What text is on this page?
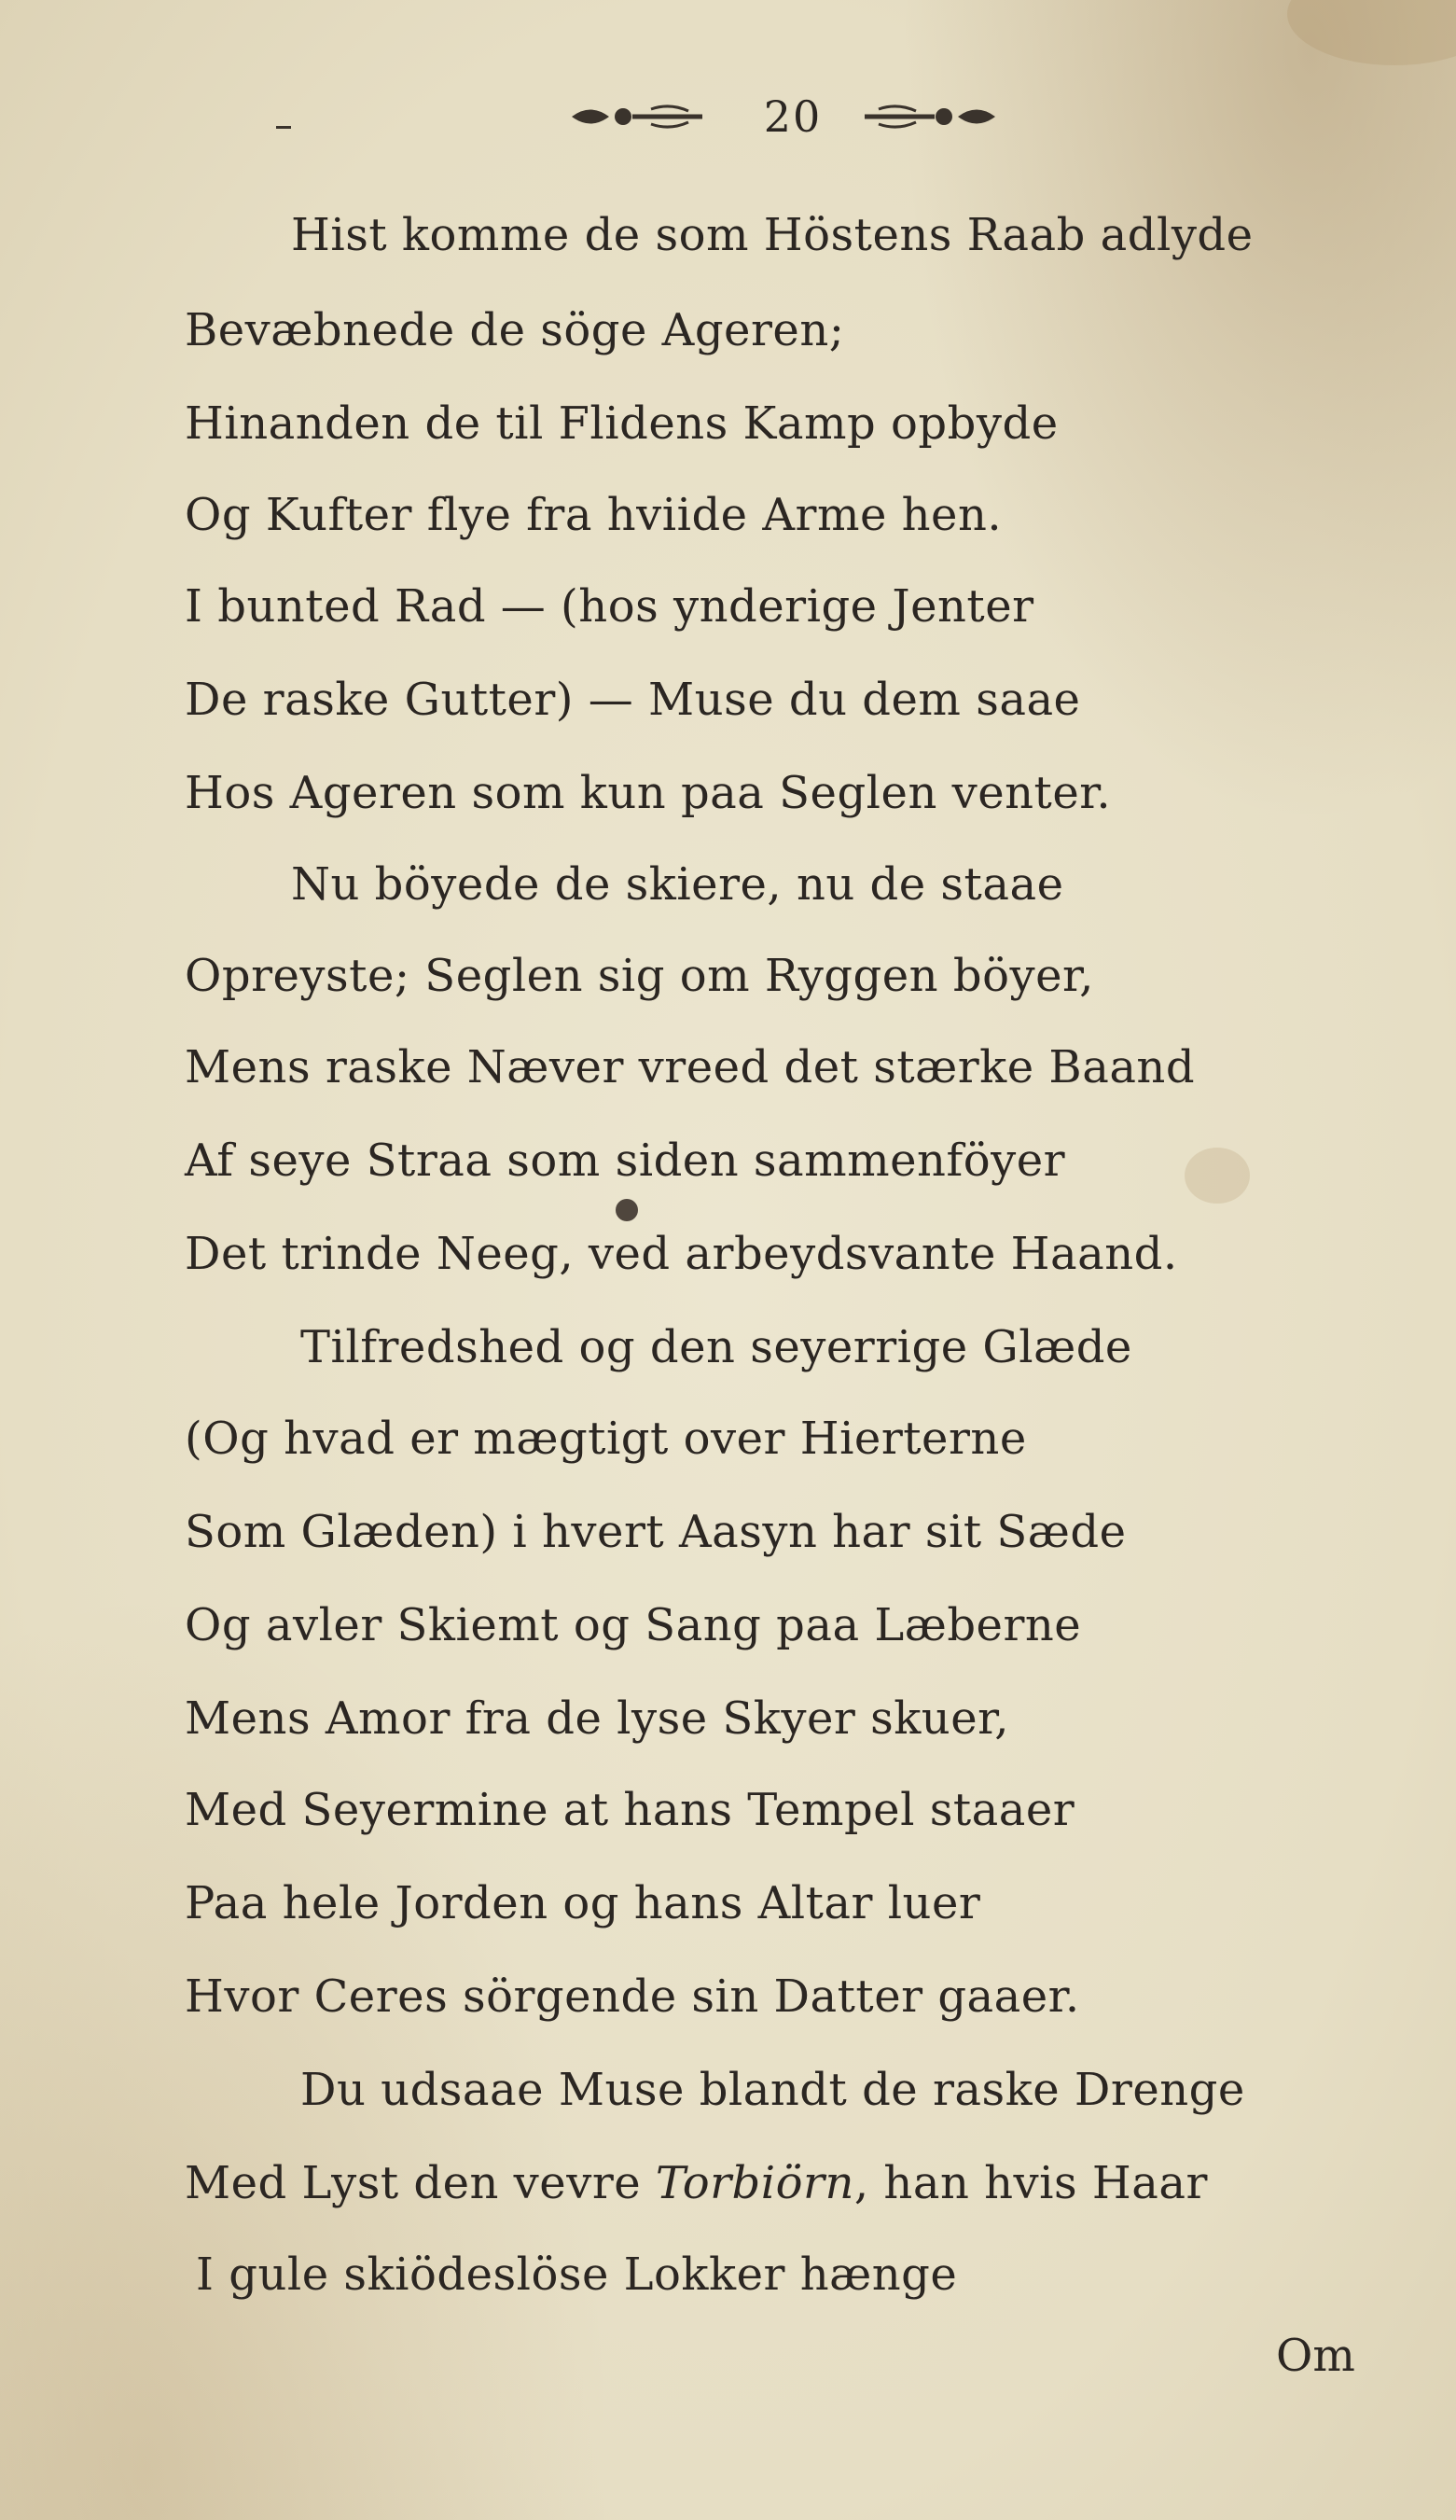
20
Hist komme de som Höstens Raab adlyde
Bevæbnede de söge Ageren;
Hinanden de til Flidens Kamp opbyde
Og Kufter flye fra hviide Arme hen.
I bunted Rad — (hos ynderige Jenter
De raske Gutter) — Muse du dem saae
Hos Ageren som kun paa Seglen venter.
Nu böyede de skiere, nu de staae
Opreyste; Seglen sig om Ryggen böyer,
Mens raske Næver vreed det stærke Baand
Af seye Straa som siden sammenföyer
Det trinde Neeg, ved arbeydsvante Haand.
Tilfredshed og den seyerrige Glæde
(Og hvad er mægtigt over Hierterne
Som Glæden) i hvert Aasyn har sit Sæde
Og avler Skiemt og Sang paa Læberne
Mens Amor fra de lyse Skyer skuer,
Med Seyermine at hans Tempel staaer
Paa hele Jorden og hans Altar luer
Hvor Ceres sörgende sin Datter gaaer.
Du udsaae Muse blandt de raske Drenge
Med Lyst den vevre Torbiörn, han hvis Haar
I gule skiödeslöse Lokker hænge
Om
